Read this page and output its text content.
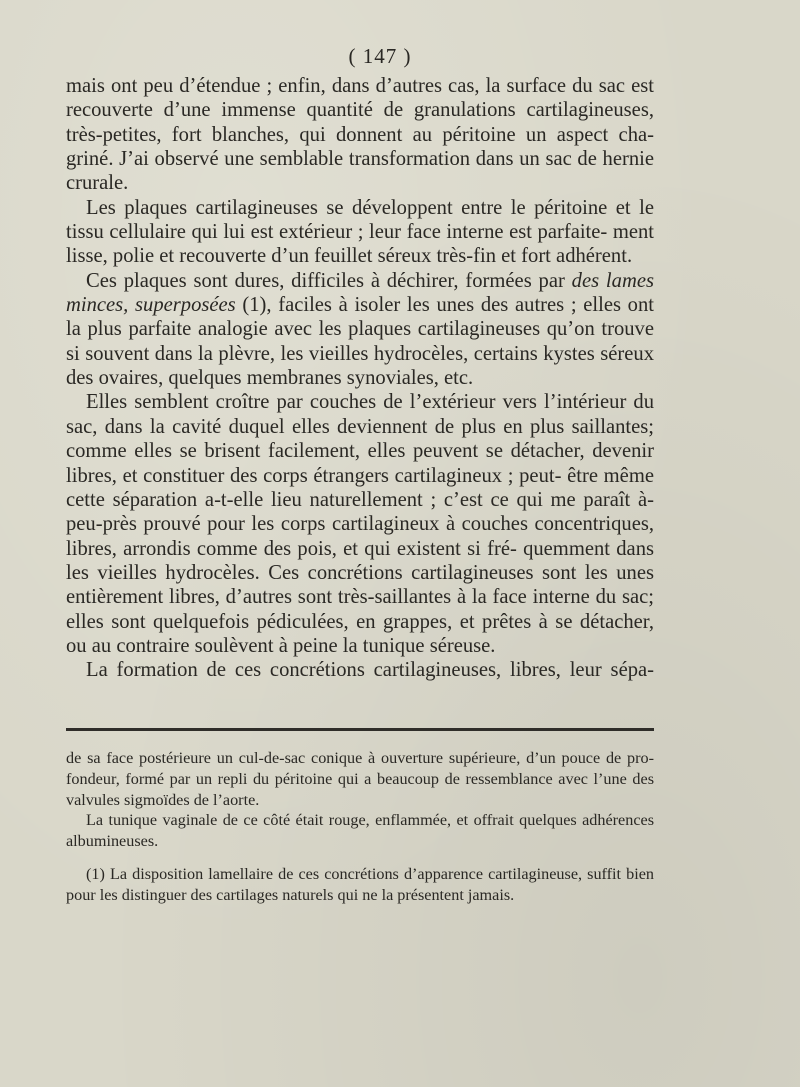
( 147 )

mais ont peu d’étendue ; enfin, dans d’autres cas, la surface du sac est recouverte d’une immense quantité de granulations cartilagineuses, très-petites, fort blanches, qui donnent au péritoine un aspect cha- griné. J’ai observé une semblable transformation dans un sac de hernie crurale.

Les plaques cartilagineuses se développent entre le péritoine et le tissu cellulaire qui lui est extérieur ; leur face interne est parfaite- ment lisse, polie et recouverte d’un feuillet séreux très-fin et fort adhérent.

Ces plaques sont dures, difficiles à déchirer, formées par des lames minces, superposées (1), faciles à isoler les unes des autres ; elles ont la plus parfaite analogie avec les plaques cartilagineuses qu’on trouve si souvent dans la plèvre, les vieilles hydrocèles, certains kystes séreux des ovaires, quelques membranes synoviales, etc.

Elles semblent croître par couches de l’extérieur vers l’intérieur du sac, dans la cavité duquel elles deviennent de plus en plus saillantes; comme elles se brisent facilement, elles peuvent se détacher, devenir libres, et constituer des corps étrangers cartilagineux ; peut- être même cette séparation a-t-elle lieu naturellement ; c’est ce qui me paraît à-peu-près prouvé pour les corps cartilagineux à couches concentriques, libres, arrondis comme des pois, et qui existent si fré- quemment dans les vieilles hydrocèles. Ces concrétions cartilagineuses sont les unes entièrement libres, d’autres sont très-saillantes à la face interne du sac; elles sont quelquefois pédiculées, en grappes, et prêtes à se détacher, ou au contraire soulèvent à peine la tunique séreuse.

La formation de ces concrétions cartilagineuses, libres, leur sépa-

de sa face postérieure un cul-de-sac conique à ouverture supérieure, d’un pouce de pro- fondeur, formé par un repli du péritoine qui a beaucoup de ressemblance avec l’une des valvules sigmoïdes de l’aorte.

La tunique vaginale de ce côté était rouge, enflammée, et offrait quelques adhérences albumineuses.

(1) La disposition lamellaire de ces concrétions d’apparence cartilagineuse, suffit bien pour les distinguer des cartilages naturels qui ne la présentent jamais.
